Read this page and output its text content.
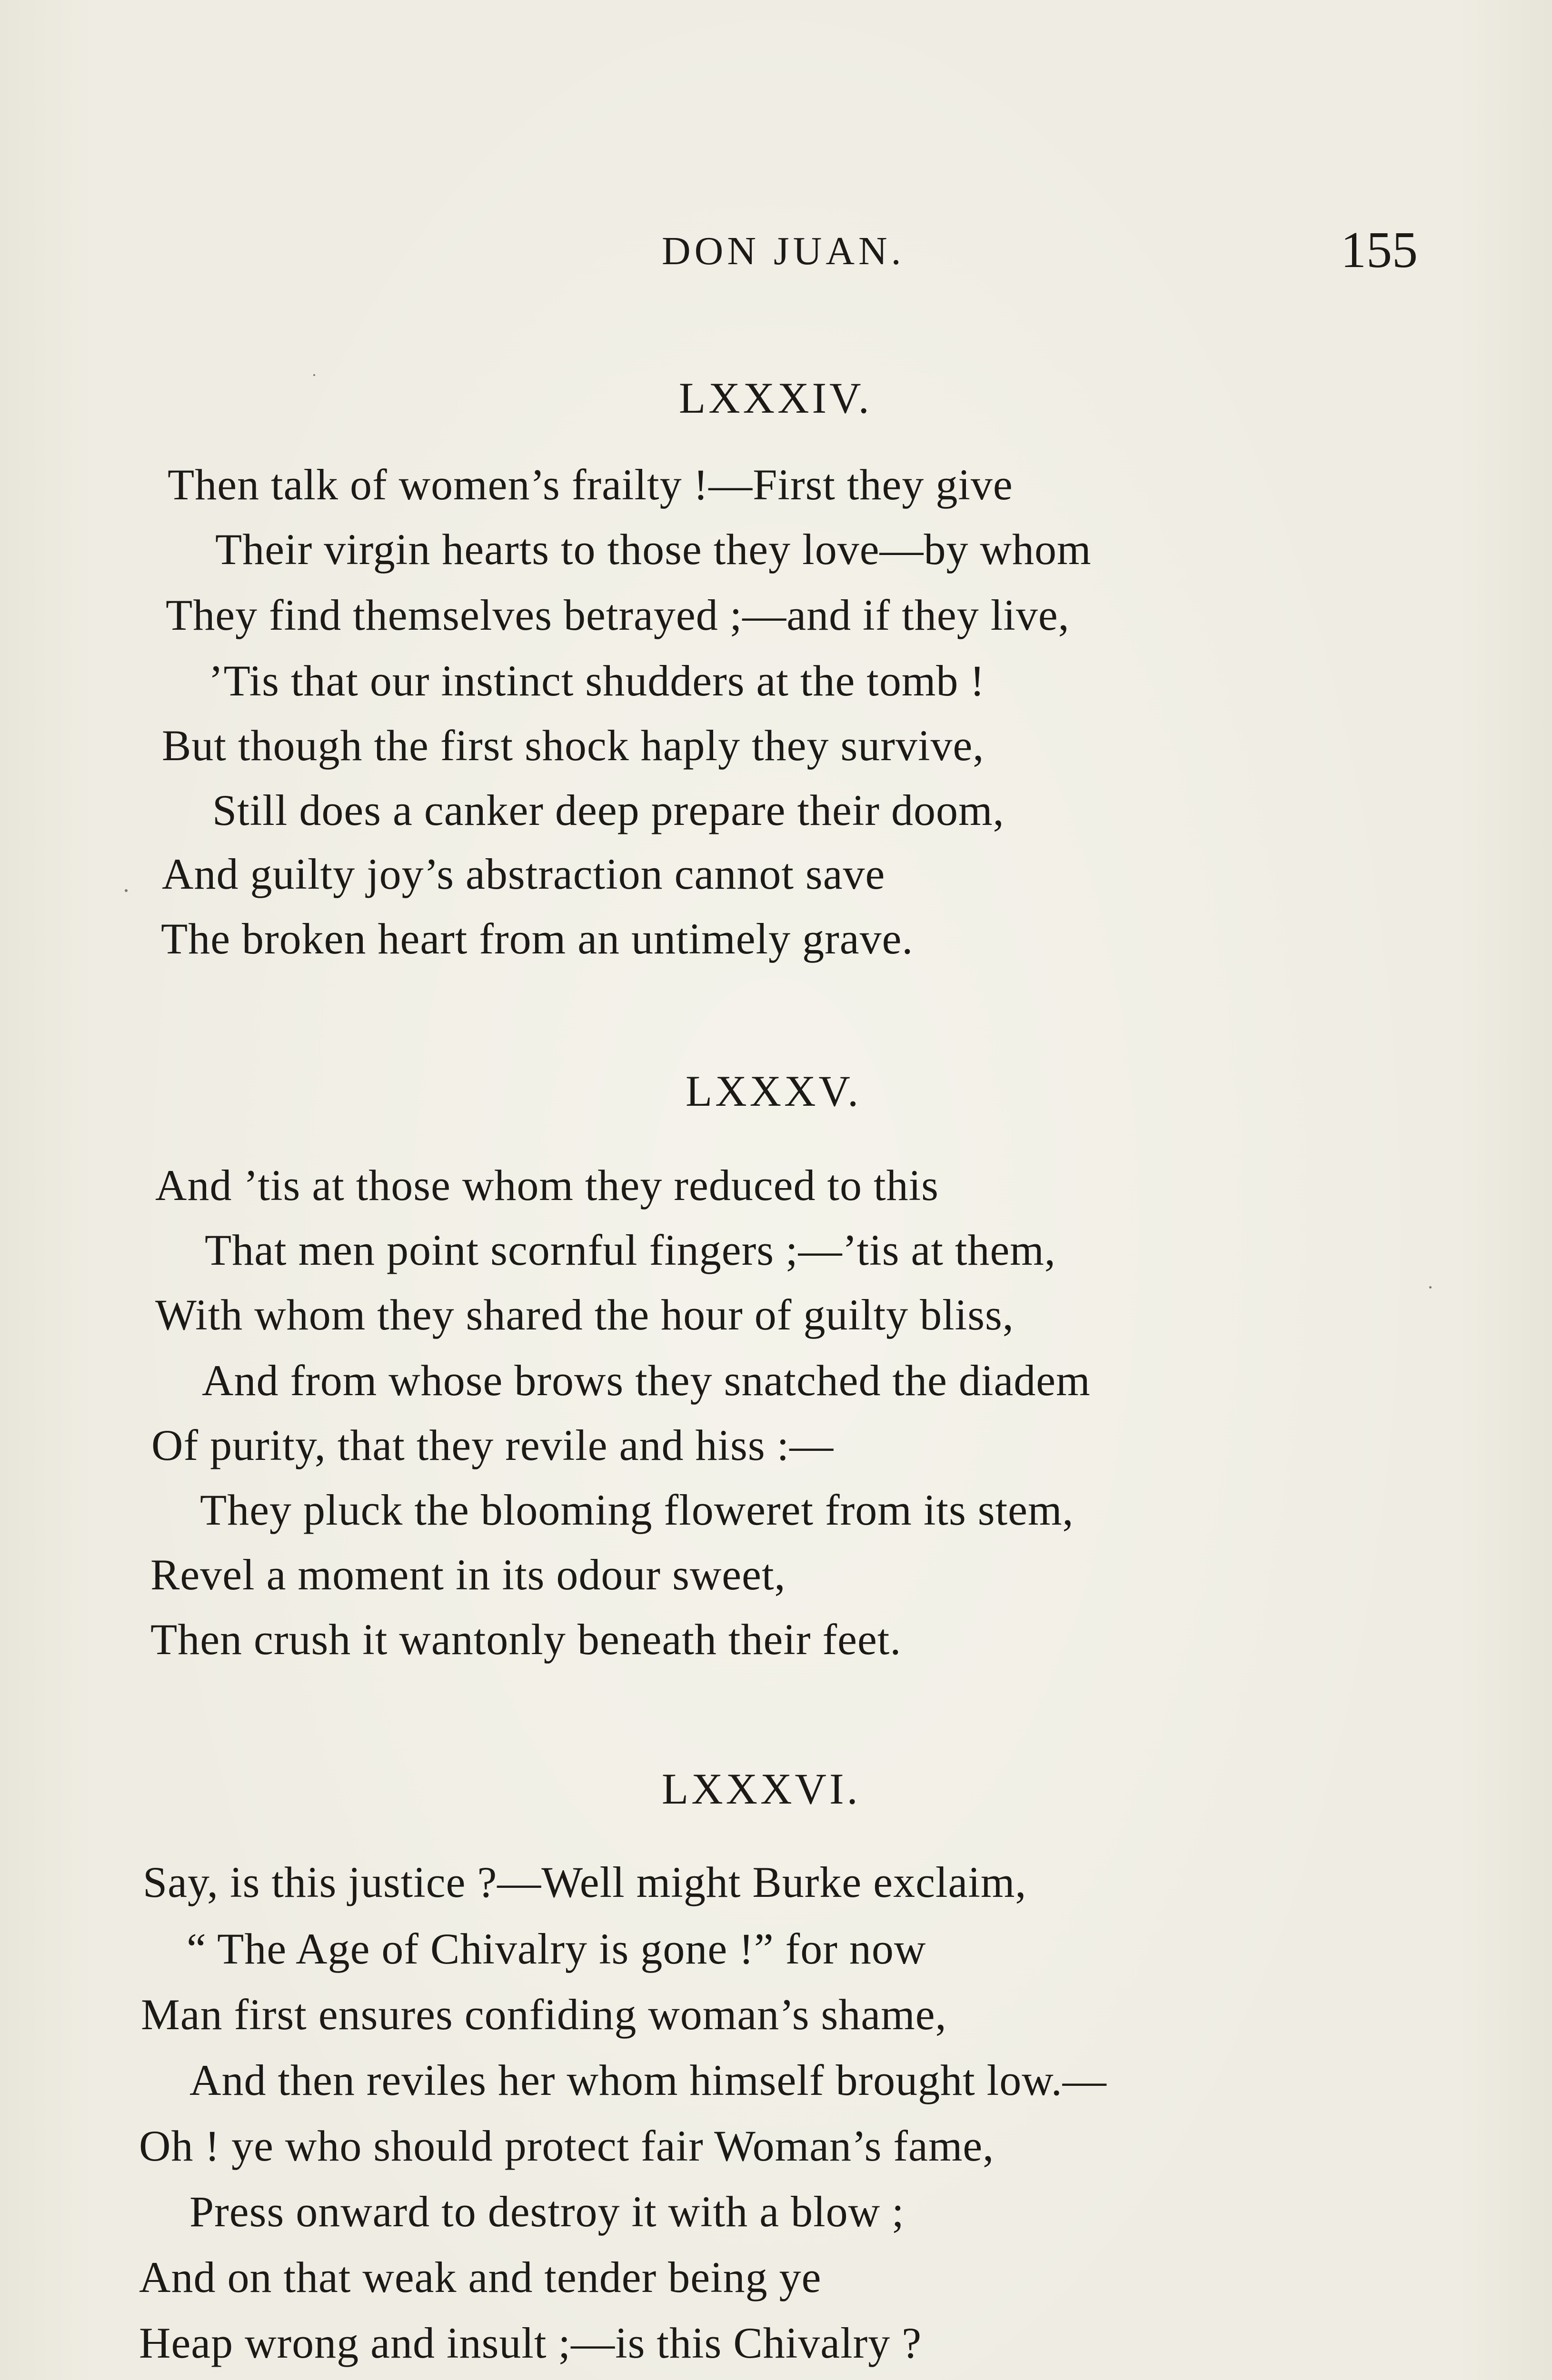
DON JUAN.	155
LXXXIV.
Then talk of women’s frailty !—First they give
Their virgin hearts to those they love—by whom
They find themselves betrayed ;—and if they live,
’Tis that our instinct shudders at the tomb !
But though the first shock haply they survive,
Still does a canker deep prepare their doom,
And guilty joy’s abstraction cannot save
The broken heart from an untimely grave.
LXXXV.
And ’tis at those whom they reduced to this
That men point scornful fingers ;—’tis at them,
With whom they shared the hour of guilty bliss,
And from whose brows they snatched the diadem
Of purity, that they revile and hiss :—
They pluck the blooming floweret from its stem,
Revel a moment in its odour sweet,
Then crush it wantonly beneath their feet.
LXXXVI.
Say, is this justice ?—Well might Burke exclaim,
“ The Age of Chivalry is gone !” for now
Man first ensures confiding woman’s shame,
And then reviles her whom himself brought low.—
Oh ! ye who should protect fair Woman’s fame,
Press onward to destroy it with a blow ;
And on that weak and tender being ye
Heap wrong and insult ;—is this Chivalry ?
